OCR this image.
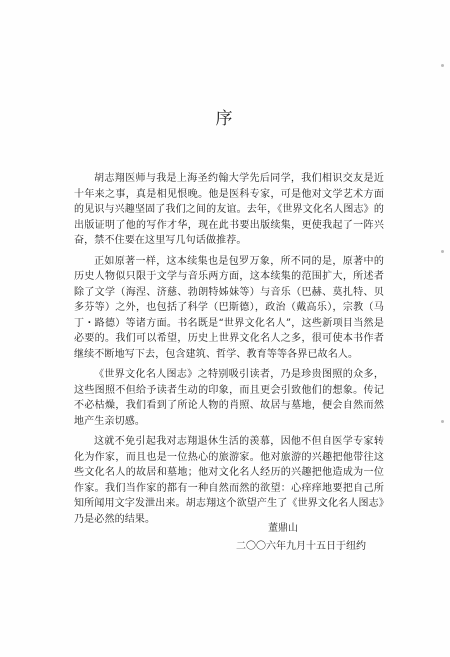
序

胡志翔医师与我是上海圣约翰大学先后同学，我们相识交友是近十年来之事，真是相见恨晚。他是医科专家，可是他对文学艺术方面的见识与兴趣坚固了我们之间的友谊。去年，《世界文化名人图志》的出版证明了他的写作才华，现在此书要出版续集，更使我起了一阵兴奋，禁不住要在这里写几句话做推荐。

正如原著一样，这本续集也是包罗万象，所不同的是，原著中的历史人物似只限于文学与音乐两方面，这本续集的范围扩大，所述者除了文学（海涅、济慈、勃朗特姊妹等）与音乐（巴赫、莫扎特、贝多芬等）之外，也包括了科学（巴斯德），政治（戴高乐），宗教（马丁・路德）等诸方面。书名既是“世界文化名人”，这些新项目当然是必要的。我们可以希望，历史上世界文化名人之多，很可使本书作者继续不断地写下去，包含建筑、哲学、教育等等各界已故名人。

《世界文化名人图志》之特别吸引读者，乃是珍贵图照的众多，这些图照不但给予读者生动的印象，而且更会引致他们的想象。传记不必枯燥，我们看到了所论人物的肖照、故居与墓地，便会自然而然地产生亲切感。

这就不免引起我对志翔退休生活的羡慕，因他不但自医学专家转化为作家，而且也是一位热心的旅游家。他对旅游的兴趣把他带往这些文化名人的故居和墓地；他对文化名人经历的兴趣把他造成为一位作家。我们当作家的都有一种自然而然的欲望：心痒痒地要把自己所知所闻用文字发泄出来。胡志翔这个欲望产生了《世界文化名人图志》乃是必然的结果。

董鼎山

二〇〇六年九月十五日于纽约
